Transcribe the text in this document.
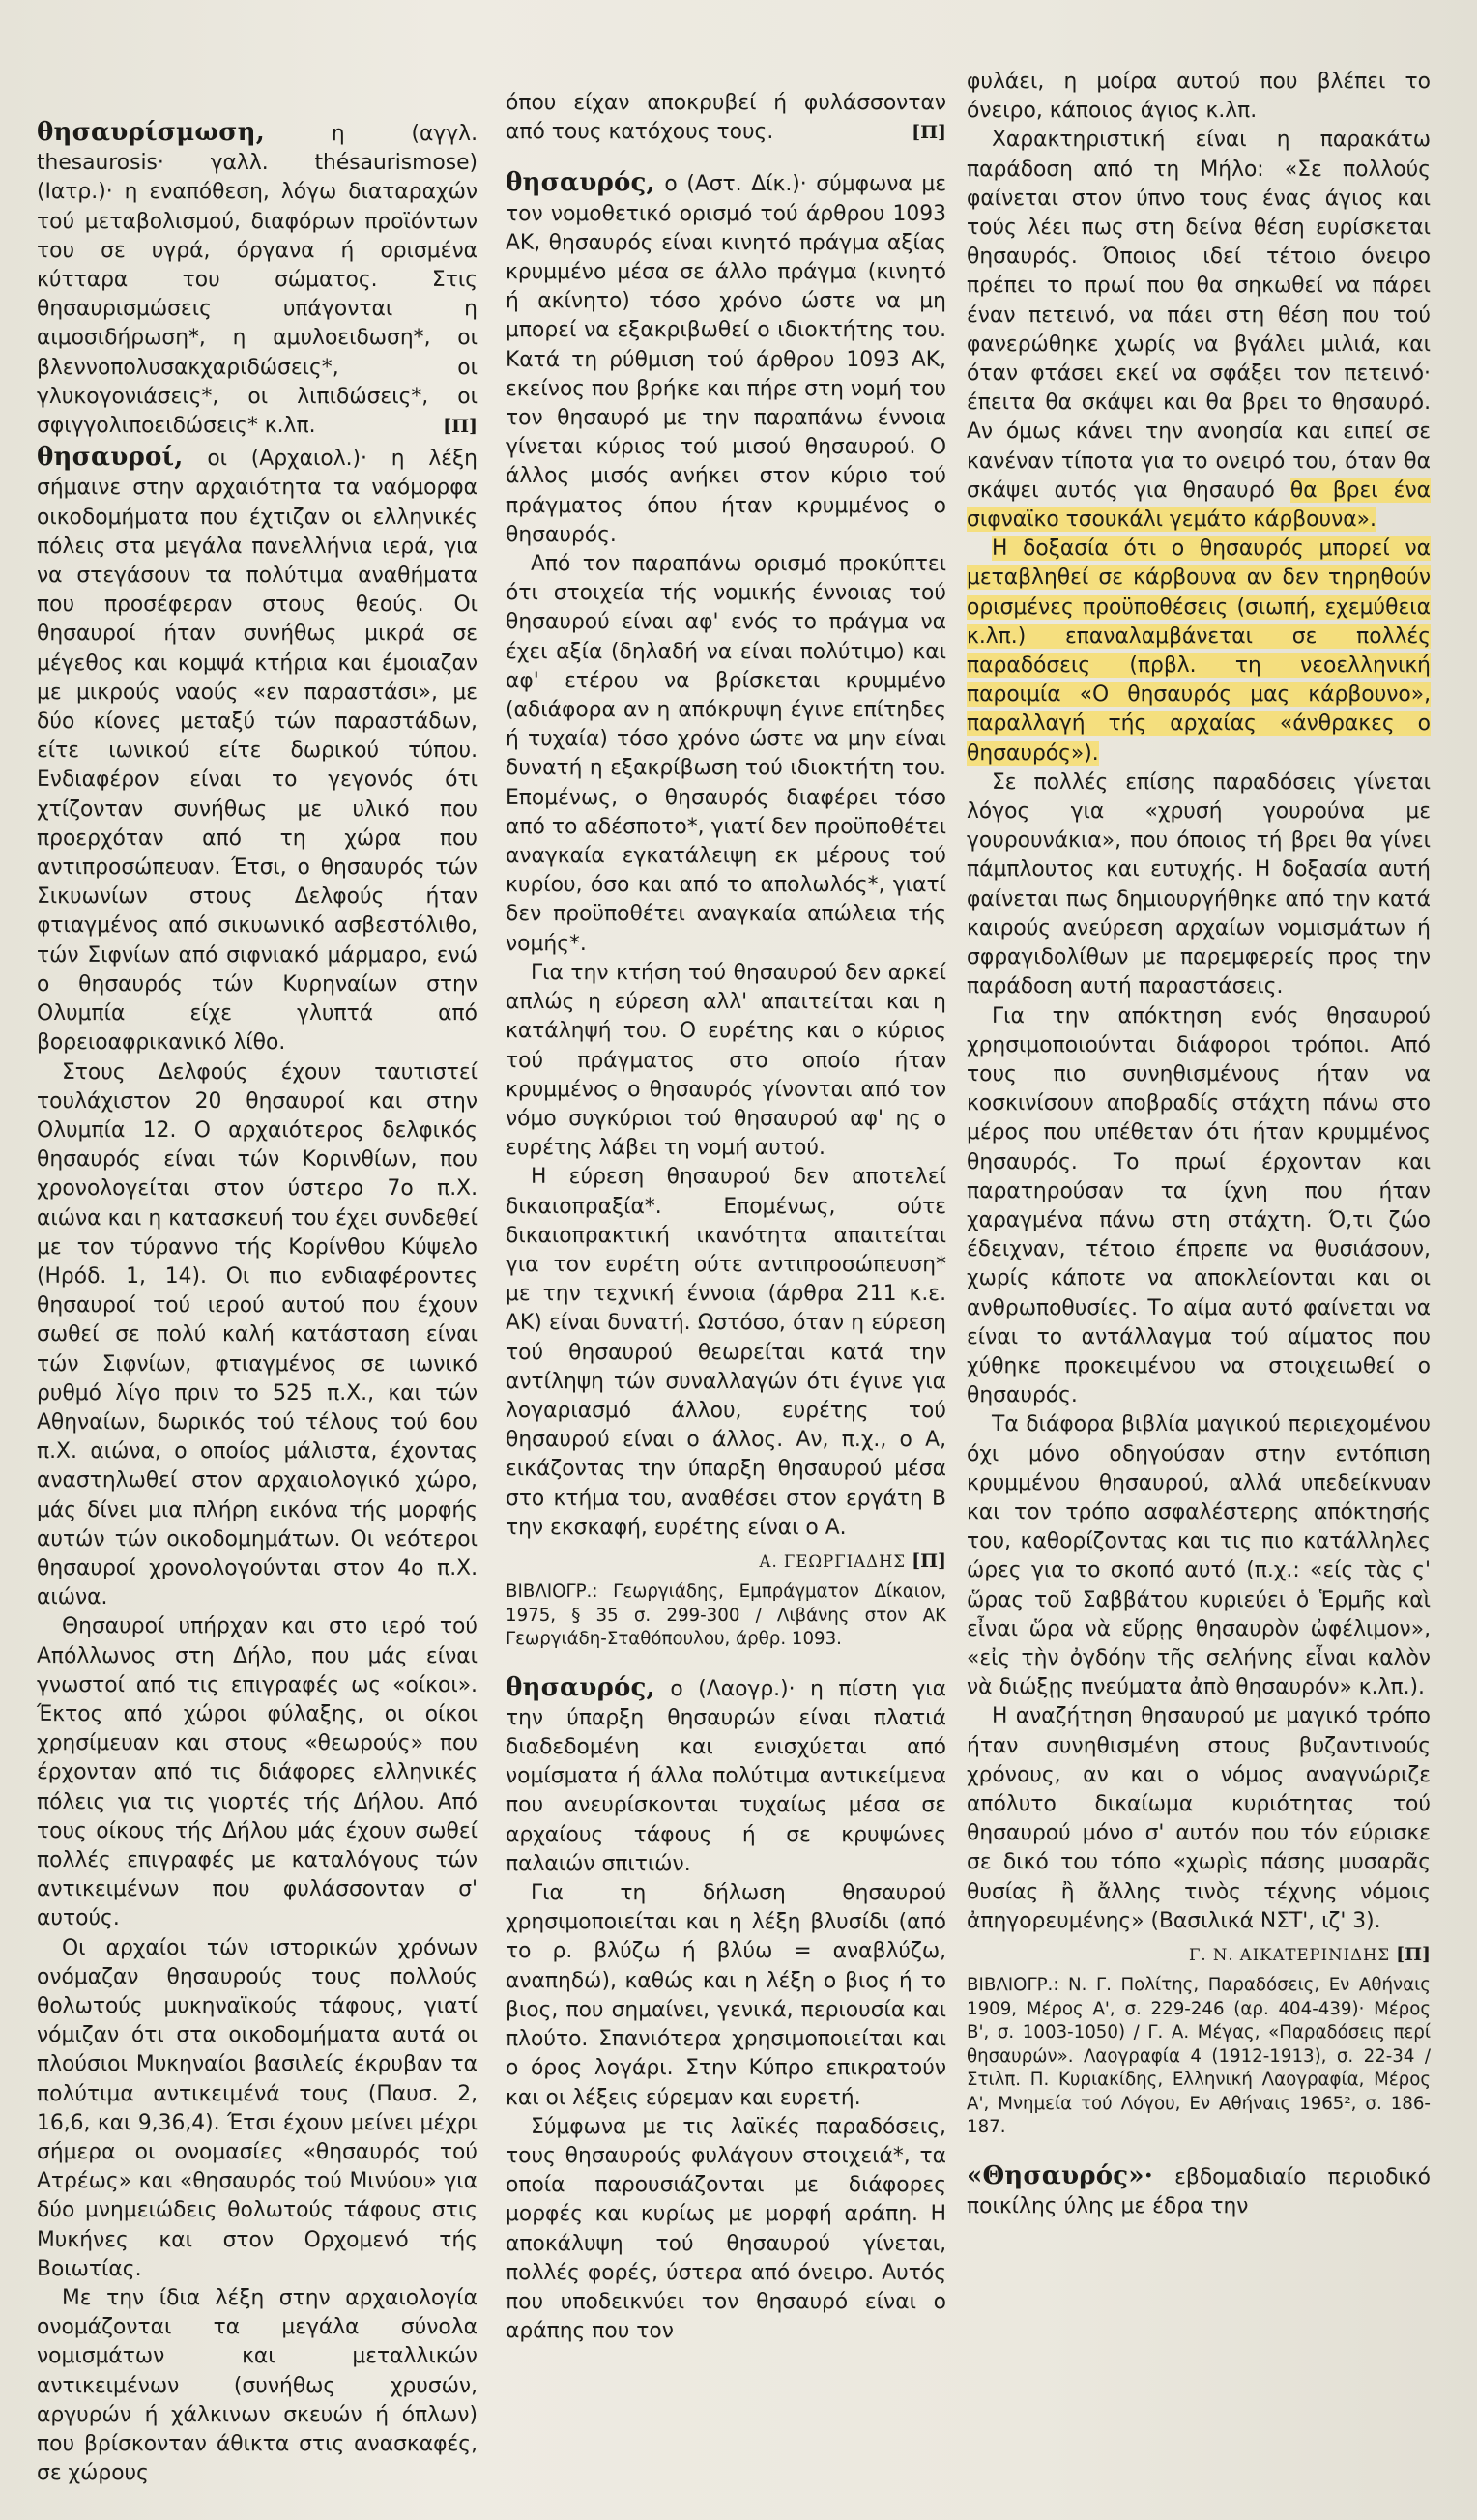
θησαυρίσμωση,	η (αγγλ. thesaurosis· γαλλ. thésaurismose) (Ιατρ.)· η εναπόθεση, λόγω διαταραχών τού μεταβολισμού, διαφόρων προϊόντων του σε υγρά, όργανα ή ορισμένα κύτταρα του σώματος. Στις θησαυρισμώσεις υπάγονται η αιμοσιδήρωση*, η αμυλοειδωση*, οι βλεννοπολυσακχαριδώσεις*, οι γλυκογονιάσεις*, οι λιπιδώσεις*, οι σφιγγολιποειδώσεις* κ.λπ.	[Π]

θησαυροί, οι (Αρχαιολ.)· η λέξη σήμαινε στην αρχαιότητα τα ναόμορφα οικοδομήματα που έχτιζαν οι ελληνικές πόλεις στα μεγάλα πανελλήνια ιερά, για να στεγάσουν τα πολύτιμα αναθήματα που προσέφεραν στους θεούς. Οι θησαυροί ήταν συνήθως μικρά σε μέγεθος και κομψά κτήρια και έμοιαζαν με μικρούς ναούς «εν παραστάσι», με δύο κίονες μεταξύ τών παραστάδων, είτε ιωνικού είτε δωρικού τύπου. Ενδιαφέρον είναι το γεγονός ότι χτίζονταν συνήθως με υλικό που προερχόταν από τη χώρα που αντιπροσώπευαν. Έτσι, ο θησαυρός τών Σικυωνίων στους Δελφούς ήταν φτιαγμένος από σικυωνικό ασβεστόλιθο, τών Σιφνίων από σιφνιακό μάρμαρο, ενώ ο θησαυρός τών Κυρηναίων στην Ολυμπία είχε γλυπτά από βορειοαφρικανικό λίθο.

Στους Δελφούς έχουν ταυτιστεί τουλάχιστον 20 θησαυροί και στην Ολυμπία 12. Ο αρχαιότερος δελφικός θησαυρός είναι τών Κορινθίων, που χρονολογείται στον ύστερο 7ο π.Χ. αιώνα και η κατασκευή του έχει συνδεθεί με τον τύραννο τής Κορίνθου Κύψελο (Ηρόδ. 1, 14). Οι πιο ενδιαφέροντες θησαυροί τού ιερού αυτού που έχουν σωθεί σε πολύ καλή κατάσταση είναι τών Σιφνίων, φτιαγμένος σε ιωνικό ρυθμό λίγο πριν το 525 π.Χ., και τών Αθηναίων, δωρικός τού τέλους τού 6ου π.Χ. αιώνα, ο οποίος μάλιστα, έχοντας αναστηλωθεί στον αρχαιολογικό χώρο, μάς δίνει μια πλήρη εικόνα τής μορφής αυτών τών οικοδομημάτων. Οι νεότεροι θησαυροί χρονολογούνται στον 4ο π.Χ. αιώνα.

Θησαυροί υπήρχαν και στο ιερό τού Απόλλωνος στη Δήλο, που μάς είναι γνωστοί από τις επιγραφές ως «οίκοι». Έκτος από χώροι φύλαξης, οι οίκοι χρησίμευαν και στους «θεωρούς» που έρχονταν από τις διάφορες ελληνικές πόλεις για τις γιορτές τής Δήλου. Από τους οίκους τής Δήλου μάς έχουν σωθεί πολλές επιγραφές με καταλόγους τών αντικειμένων που φυλάσσονταν σ' αυτούς.

Οι αρχαίοι τών ιστορικών χρόνων ονόμαζαν θησαυρούς τους πολλούς θολωτούς μυκηναϊκούς τάφους, γιατί νόμιζαν ότι στα οικοδομήματα αυτά οι πλούσιοι Μυκηναίοι βασιλείς έκρυβαν τα πολύτιμα αντικειμένά τους (Παυσ. 2, 16,6, και 9,36,4). Έτσι έχουν μείνει μέχρι σήμερα οι ονομασίες «θησαυρός τού Ατρέως» και «θησαυρός τού Μινύου» για δύο μνημειώδεις θολωτούς τάφους στις Μυκήνες και στον Ορχομενό τής Βοιωτίας.

Με την ίδια λέξη στην αρχαιολογία ονομάζονται τα μεγάλα σύνολα νομισμάτων και μεταλλικών αντικειμένων (συνήθως χρυσών, αργυρών ή χάλκινων σκευών ή όπλων) που βρίσκονταν άθικτα στις ανασκαφές, σε χώρους

όπου είχαν αποκρυβεί ή φυλάσσονταν από τους κατόχους τους.	[Π]

θησαυρός, ο (Αστ. Δίκ.)· σύμφωνα με τον νομοθετικό ορισμό τού άρθρου 1093 ΑΚ, θησαυρός είναι κινητό πράγμα αξίας κρυμμένο μέσα σε άλλο πράγμα (κινητό ή ακίνητο) τόσο χρόνο ώστε να μη μπορεί να εξακριβωθεί ο ιδιοκτήτης του. Κατά τη ρύθμιση τού άρθρου 1093 ΑΚ, εκείνος που βρήκε και πήρε στη νομή του τον θησαυρό με την παραπάνω έννοια γίνεται κύριος τού μισού θησαυρού. Ο άλλος μισός ανήκει στον κύριο τού πράγματος όπου ήταν κρυμμένος ο θησαυρός.

Από τον παραπάνω ορισμό προκύπτει ότι στοιχεία τής νομικής έννοιας τού θησαυρού είναι αφ' ενός το πράγμα να έχει αξία (δηλαδή να είναι πολύτιμο) και αφ' ετέρου να βρίσκεται κρυμμένο (αδιάφορα αν η απόκρυψη έγινε επίτηδες ή τυχαία) τόσο χρόνο ώστε να μην είναι δυνατή η εξακρίβωση τού ιδιοκτήτη του. Επομένως, ο θησαυρός διαφέρει τόσο από το αδέσποτο*, γιατί δεν προϋποθέτει αναγκαία εγκατάλειψη εκ μέρους τού κυρίου, όσο και από το απολωλός*, γιατί δεν προϋποθέτει αναγκαία απώλεια τής νομής*.

Για την κτήση τού θησαυρού δεν αρκεί απλώς η εύρεση αλλ' απαιτείται και η κατάληψή του. Ο ευρέτης και ο κύριος τού πράγματος στο οποίο ήταν κρυμμένος ο θησαυρός γίνονται από τον νόμο συγκύριοι τού θησαυρού αφ' ης ο ευρέτης λάβει τη νομή αυτού.

Η εύρεση θησαυρού δεν αποτελεί δικαιοπραξία*. Επομένως, ούτε δικαιοπρακτική ικανότητα απαιτείται για τον ευρέτη ούτε αντιπροσώπευση* με την τεχνική έννοια (άρθρα 211 κ.ε. ΑΚ) είναι δυνατή. Ωστόσο, όταν η εύρεση τού θησαυρού θεωρείται κατά την αντίληψη τών συναλλαγών ότι έγινε για λογαριασμό άλλου, ευρέτης τού θησαυρού είναι ο άλλος. Αν, π.χ., ο Α, εικάζοντας την ύπαρξη θησαυρού μέσα στο κτήμα του, αναθέσει στον εργάτη Β την εκσκαφή, ευρέτης είναι ο Α.

Α. ΓΕΩΡΓΙΑΔΗΣ [Π]

ΒΙΒΛΙΟΓΡ.: Γεωργιάδης, Εμπράγματον Δίκαιον, 1975, § 35 σ. 299-300 / Λιβάνης στον ΑΚ Γεωργιάδη-Σταθόπουλου, άρθρ. 1093.

θησαυρός, ο (Λαογρ.)· η πίστη για την ύπαρξη θησαυρών είναι πλατιά διαδεδομένη και ενισχύεται από νομίσματα ή άλλα πολύτιμα αντικείμενα που ανευρίσκονται τυχαίως μέσα σε αρχαίους τάφους ή σε κρυψώνες παλαιών σπιτιών.

Για τη δήλωση θησαυρού χρησιμοποιείται και η λέξη βλυσίδι (από το ρ. βλύζω ή βλύω = αναβλύζω, αναπηδώ), καθώς και η λέξη ο βιος ή το βιος, που σημαίνει, γενικά, περιουσία και πλούτο. Σπανιότερα χρησιμοποιείται και ο όρος λογάρι. Στην Κύπρο επικρατούν και οι λέξεις εύρεμαν και ευρετή.

Σύμφωνα με τις λαϊκές παραδόσεις, τους θησαυρούς φυλάγουν στοιχειά*, τα οποία παρουσιάζονται με διάφορες μορφές και κυρίως με μορφή αράπη. Η αποκάλυψη τού θησαυρού γίνεται, πολλές φορές, ύστερα από όνειρο. Αυτός που υποδεικνύει τον θησαυρό είναι ο αράπης που τον

φυλάει, η μοίρα αυτού που βλέπει το όνειρο, κάποιος άγιος κ.λπ.

Χαρακτηριστική είναι η παρακάτω παράδοση από τη Μήλο: «Σε πολλούς φαίνεται στον ύπνο τους ένας άγιος και τούς λέει πως στη δείνα θέση ευρίσκεται θησαυρός. Όποιος ιδεί τέτοιο όνειρο πρέπει το πρωί που θα σηκωθεί να πάρει έναν πετεινό, να πάει στη θέση που τού φανερώθηκε χωρίς να βγάλει μιλιά, και όταν φτάσει εκεί να σφάξει τον πετεινό· έπειτα θα σκάψει και θα βρει το θησαυρό. Αν όμως κάνει την ανοησία και ειπεί σε κανέναν τίποτα για το ονειρό του, όταν θα σκάψει αυτός για θησαυρό θα βρει ένα σιφναϊκο τσουκάλι γεμάτο κάρβουνα».

Η δοξασία ότι ο θησαυρός μπορεί να μεταβληθεί σε κάρβουνα αν δεν τηρηθούν ορισμένες προϋποθέσεις (σιωπή, εχεμύθεια κ.λπ.) επαναλαμβάνεται σε πολλές παραδόσεις (πρβλ. τη νεοελληνική παροιμία «Ο θησαυρός μας κάρβουνο», παραλλαγή τής αρχαίας «άνθρακες ο θησαυρός»).

Σε πολλές επίσης παραδόσεις γίνεται λόγος για «χρυσή γουρούνα με γουρουνάκια», που όποιος τή βρει θα γίνει πάμπλουτος και ευτυχής. Η δοξασία αυτή φαίνεται πως δημιουργήθηκε από την κατά καιρούς ανεύρεση αρχαίων νομισμάτων ή σφραγιδολίθων με παρεμφερείς προς την παράδοση αυτή παραστάσεις.

Για την απόκτηση ενός θησαυρού χρησιμοποιούνται διάφοροι τρόποι. Από τους πιο συνηθισμένους ήταν να κοσκινίσουν αποβραδίς στάχτη πάνω στο μέρος που υπέθεταν ότι ήταν κρυμμένος θησαυρός. Το πρωί έρχονταν και παρατηρούσαν τα ίχνη που ήταν χαραγμένα πάνω στη στάχτη. Ό,τι ζώο έδειχναν, τέτοιο έπρεπε να θυσιάσουν, χωρίς κάποτε να αποκλείονται και οι ανθρωποθυσίες. Το αίμα αυτό φαίνεται να είναι το αντάλλαγμα τού αίματος που χύθηκε προκειμένου να στοιχειωθεί ο θησαυρός.

Τα διάφορα βιβλία μαγικού περιεχομένου όχι μόνο οδηγούσαν στην εντόπιση κρυμμένου θησαυρού, αλλά υπεδείκνυαν και τον τρόπο ασφαλέστερης απόκτησής του, καθορίζοντας και τις πιο κατάλληλες ώρες για το σκοπό αυτό (π.χ.: «είς τὰς ς' ὥρας τοῦ Σαββάτου κυριεύει ὁ Ἑρμῆς καὶ εἶναι ὥρα νὰ εὕρῃς θησαυρὸν ὠφέλιμον», «εἰς τὴν ὀγδόην τῆς σελήνης εἶναι καλὸν νὰ διώξῃς πνεύματα ἀπὸ θησαυρόν» κ.λπ.).

Η αναζήτηση θησαυρού με μαγικό τρόπο ήταν συνηθισμένη στους βυζαντινούς χρόνους, αν και ο νόμος αναγνώριζε απόλυτο δικαίωμα κυριότητας τού θησαυρού μόνο σ' αυτόν που τόν εύρισκε σε δικό του τόπο «χωρὶς πάσης μυσαρᾶς θυσίας ἢ ἄλλης τινὸς τέχνης νόμοις ἀπηγορευμένης» (Βασιλικά ΝΣΤ', ιζ' 3).

Γ. Ν. ΑΙΚΑΤΕΡΙΝΙΔΗΣ [Π]

ΒΙΒΛΙΟΓΡ.: Ν. Γ. Πολίτης, Παραδόσεις, Εν Αθήναις 1909, Μέρος Α', σ. 229-246 (αρ. 404-439)· Μέρος Β', σ. 1003-1050) / Γ. Α. Μέγας, «Παραδόσεις περί θησαυρών». Λαογραφία 4 (1912-1913), σ. 22-34 / Στιλπ. Π. Κυριακίδης, Ελληνική Λαογραφία, Μέρος Α', Μνημεία τού Λόγου, Εν Αθήναις 1965², σ. 186-187.

«Θησαυρός»· εβδομαδιαίο περιοδικό ποικίλης ύλης με έδρα την
